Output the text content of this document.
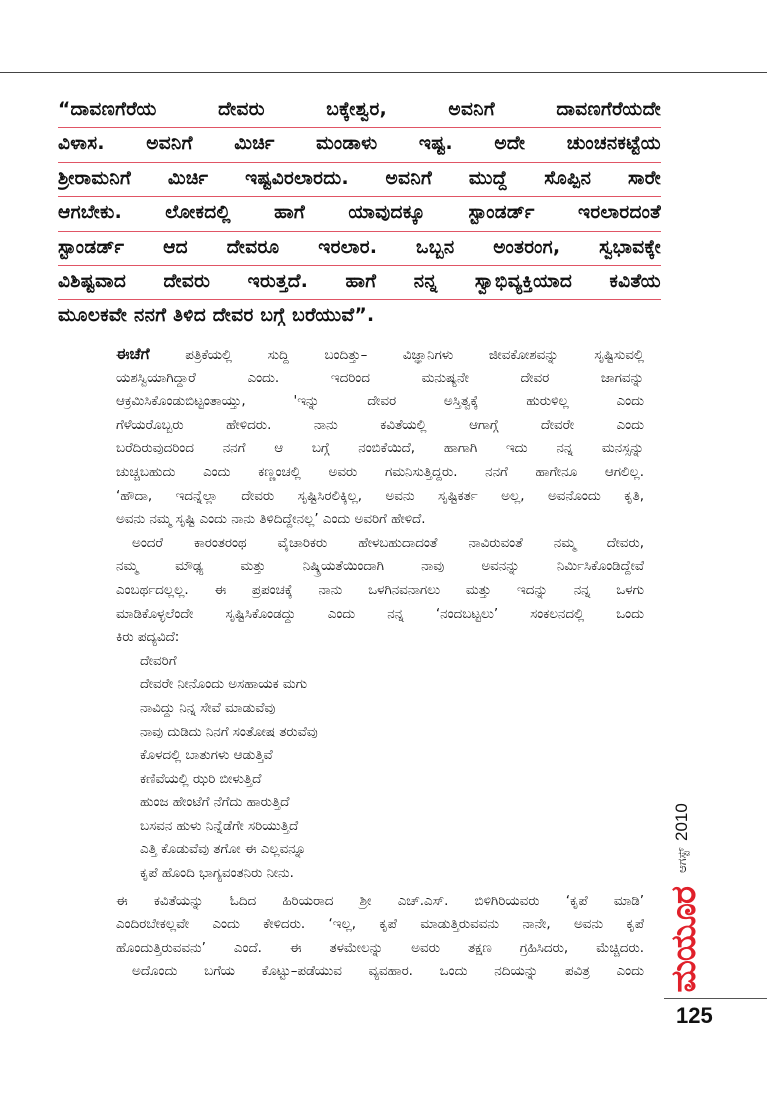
“ದಾವಣಗೆರೆಯ ದೇವರು ಬಕ್ಕೇಶ್ವರ, ಅವನಿಗೆ ದಾವಣಗೆರೆಯದೇ
ವಿಳಾಸ. ಅವನಿಗೆ ಮಿರ್ಚಿ ಮಂಡಾಳು ಇಷ್ಟ. ಅದೇ ಚುಂಚನಕಟ್ಟೆಯ
ಶ್ರೀರಾಮನಿಗೆ ಮಿರ್ಚಿ ಇಷ್ಟವಿರಲಾರದು. ಅವನಿಗೆ ಮುದ್ದೆ ಸೊಪ್ಪಿನ ಸಾರೇ
ಆಗಬೇಕು. ಲೋಕದಲ್ಲಿ ಹಾಗೆ ಯಾವುದಕ್ಕೂ ಸ್ಟಾಂಡರ್ಡ್ ಇರಲಾರದಂತೆ
ಸ್ಟಾಂಡರ್ಡ್ ಆದ ದೇವರೂ ಇರಲಾರ. ಒಬ್ಬನ ಅಂತರಂಗ, ಸ್ವಭಾವಕ್ಕೇ
ವಿಶಿಷ್ಟವಾದ ದೇವರು ಇರುತ್ತದೆ. ಹಾಗೆ ನನ್ನ ಸ್ವಾಭಿವ್ಯಕ್ತಿಯಾದ ಕವಿತೆಯ
ಮೂಲಕವೇ ನನಗೆ ತಿಳಿದ ದೇವರ ಬಗ್ಗೆ ಬರೆಯುವೆ”.
ಈಚೆಗೆ	ಪತ್ರಿಕೆಯಲ್ಲಿ ಸುದ್ದಿ ಬಂದಿತ್ತು– ವಿಜ್ಞಾನಿಗಳು ಜೀವಕೋಶವನ್ನು ಸೃಷ್ಟಿಸುವಲ್ಲಿ
ಯಶಸ್ವಿಯಾಗಿದ್ದಾರೆ ಎಂದು. ಇದರಿಂದ ಮನುಷ್ಯನೇ ದೇವರ ಜಾಗವನ್ನು
ಆಕ್ರಮಿಸಿಕೊಂಡುಬಿಟ್ಟಂತಾಯ್ತು, 'ಇನ್ನು ದೇವರ ಅಸ್ತಿತ್ವಕ್ಕೆ ಹುರುಳಿಲ್ಲ ಎಂದು
ಗೆಳೆಯರೊಬ್ಬರು ಹೇಳಿದರು. ನಾನು ಕವಿತೆಯಲ್ಲಿ ಆಗಾಗ್ಗೆ ದೇವರೇ ಎಂದು
ಬರೆದಿರುವುದರಿಂದ ನನಗೆ ಆ ಬಗ್ಗೆ ನಂಬಿಕೆಯಿದೆ, ಹಾಗಾಗಿ ಇದು ನನ್ನ ಮನಸ್ಸನ್ನು
ಚುಚ್ಚಬಹುದು ಎಂದು ಕಣ್ಣಂಚಲ್ಲಿ ಅವರು ಗಮನಿಸುತ್ತಿದ್ದರು. ನನಗೆ ಹಾಗೇನೂ ಆಗಲಿಲ್ಲ.
‘ಹೌದಾ, ಇದನ್ನೆಲ್ಲಾ ದೇವರು ಸೃಷ್ಟಿಸಿರಲಿಕ್ಕಿಲ್ಲ, ಅವನು ಸೃಷ್ಟಿಕರ್ತ ಅಲ್ಲ, ಅವನೊಂದು ಕೃತಿ,
ಅವನು ನಮ್ಮ ಸೃಷ್ಟಿ ಎಂದು ನಾನು ತಿಳಿದಿದ್ದೇನಲ್ಲ’ ಎಂದು ಅವರಿಗೆ ಹೇಳಿದೆ.
ಅಂದರೆ ಕಾರಂತರಂಥ ವೈಚಾರಿಕರು ಹೇಳಬಹುದಾದಂತೆ ನಾವಿರುವಂತೆ ನಮ್ಮ ದೇವರು,
ನಮ್ಮ ಮೌಢ್ಯ ಮತ್ತು ನಿಷ್ಕ್ರಿಯತೆಯಿಂದಾಗಿ ನಾವು ಅವನನ್ನು ನಿರ್ಮಿಸಿಕೊಂಡಿದ್ದೇವೆ
ಎಂಬರ್ಥದಲ್ಲಲ್ಲ. ಈ ಪ್ರಪಂಚಕ್ಕೆ ನಾನು ಒಳಗಿನವನಾಗಲು ಮತ್ತು ಇದನ್ನು ನನ್ನ ಒಳಗು
ಮಾಡಿಕೊಳ್ಳಲೆಂದೇ ಸೃಷ್ಟಿಸಿಕೊಂಡದ್ದು ಎಂದು ನನ್ನ ‘ನಂದಬಟ್ಟಲು’ ಸಂಕಲನದಲ್ಲಿ ಒಂದು
ಕಿರು ಪದ್ಯವಿದೆ:
ದೇವರಿಗೆ
ದೇವರೇ ನೀನೊಂದು ಅಸಹಾಯಕ ಮಗು
ನಾವಿದ್ದು ನಿನ್ನ ಸೇವೆ ಮಾಡುವೆವು
ನಾವು ದುಡಿದು ನಿನಗೆ ಸಂತೋಷ ತರುವೆವು
ಕೊಳದಲ್ಲಿ ಬಾತುಗಳು ಆಡುತ್ತಿವೆ
ಕಣಿವೆಯಲ್ಲಿ ಝರಿ ಬೀಳುತ್ತಿದೆ
ಹುಂಜ ಹೇಂಟೆಗೆ ನೆಗೆದು ಹಾರುತ್ತಿದೆ
ಬಸವನ ಹುಳು ನಿನ್ನೆಡೆಗೇ ಸರಿಯುತ್ತಿದೆ
ಎತ್ತಿ ಕೊಡುವೆವು ತಗೋ ಈ ಎಲ್ಲವನ್ನೂ
ಕೃಪೆ ಹೊಂದಿ ಭಾಗ್ಯವಂತನಿರು ನೀನು.
ಈ ಕವಿತೆಯನ್ನು ಓದಿದ ಹಿರಿಯರಾದ ಶ್ರೀ ಎಚ್.ಎಸ್. ಬಿಳಿಗಿರಿಯವರು ‘ಕೃಪೆ ಮಾಡಿ’
ಎಂದಿರಬೇಕಲ್ಲವೇ ಎಂದು ಕೇಳಿದರು. ‘ಇಲ್ಲ, ಕೃಪೆ ಮಾಡುತ್ತಿರುವವನು ನಾನೇ, ಅವನು ಕೃಪೆ
ಹೊಂದುತ್ತಿರುವವನು’ ಎಂದೆ. ಈ ತಳಮೇಲನ್ನು ಅವರು ತಕ್ಷಣ ಗ್ರಹಿಸಿದರು, ಮೆಚ್ಚಿದರು.
ಅದೊಂದು ಬಗೆಯ ಕೊಟ್ಟು–ಪಡೆಯುವ ವ್ಯವಹಾರ. ಒಂದು ನದಿಯನ್ನು ಪವಿತ್ರ ಎಂದು
ಆಗಸ್ಟ್
2010
ಮಯೂರ
125
